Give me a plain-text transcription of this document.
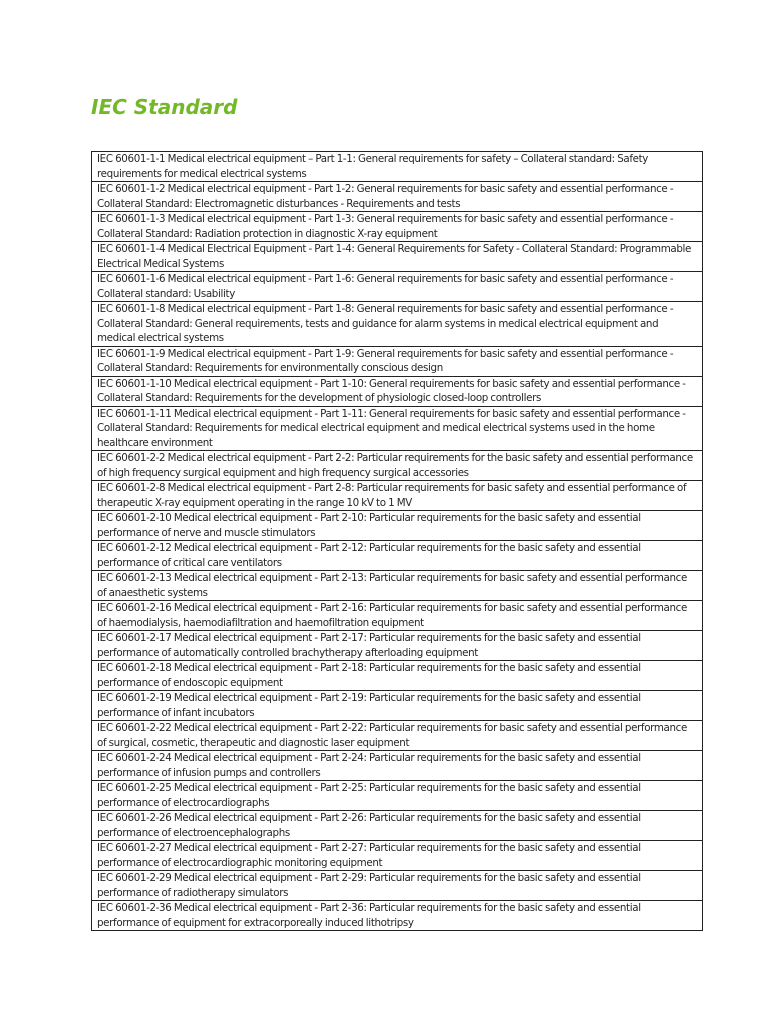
IEC Standard
IEC 60601-1-1 Medical electrical equipment – Part 1-1: General requirements for safety – Collateral standard: Safety requirements for medical electrical systems
IEC 60601-1-2 Medical electrical equipment - Part 1-2: General requirements for basic safety and essential performance - Collateral Standard: Electromagnetic disturbances - Requirements and tests
IEC 60601-1-3 Medical electrical equipment - Part 1-3: General requirements for basic safety and essential performance - Collateral Standard: Radiation protection in diagnostic X-ray equipment
IEC 60601-1-4 Medical Electrical Equipment - Part 1-4: General Requirements for Safety - Collateral Standard: Programmable Electrical Medical Systems
IEC 60601-1-6 Medical electrical equipment - Part 1-6: General requirements for basic safety and essential performance - Collateral standard: Usability
IEC 60601-1-8 Medical electrical equipment - Part 1-8: General requirements for basic safety and essential performance - Collateral Standard: General requirements, tests and guidance for alarm systems in medical electrical equipment and medical electrical systems
IEC 60601-1-9 Medical electrical equipment - Part 1-9: General requirements for basic safety and essential performance - Collateral Standard: Requirements for environmentally conscious design
IEC 60601-1-10 Medical electrical equipment - Part 1-10: General requirements for basic safety and essential performance - Collateral Standard: Requirements for the development of physiologic closed-loop controllers
IEC 60601-1-11 Medical electrical equipment - Part 1-11: General requirements for basic safety and essential performance - Collateral Standard: Requirements for medical electrical equipment and medical electrical systems used in the home healthcare environment
IEC 60601-2-2 Medical electrical equipment - Part 2-2: Particular requirements for the basic safety and essential performance of high frequency surgical equipment and high frequency surgical accessories
IEC 60601-2-8 Medical electrical equipment - Part 2-8: Particular requirements for basic safety and essential performance of therapeutic X-ray equipment operating in the range 10 kV to 1 MV
IEC 60601-2-10 Medical electrical equipment - Part 2-10: Particular requirements for the basic safety and essential performance of nerve and muscle stimulators
IEC 60601-2-12 Medical electrical equipment - Part 2-12: Particular requirements for the basic safety and essential performance of critical care ventilators
IEC 60601-2-13 Medical electrical equipment - Part 2-13: Particular requirements for basic safety and essential performance of anaesthetic systems
IEC 60601-2-16 Medical electrical equipment - Part 2-16: Particular requirements for basic safety and essential performance of haemodialysis, haemodiafiltration and haemofiltration equipment
IEC 60601-2-17 Medical electrical equipment - Part 2-17: Particular requirements for the basic safety and essential performance of automatically controlled brachytherapy afterloading equipment
IEC 60601-2-18 Medical electrical equipment - Part 2-18: Particular requirements for the basic safety and essential performance of endoscopic equipment
IEC 60601-2-19 Medical electrical equipment - Part 2-19: Particular requirements for the basic safety and essential performance of infant incubators
IEC 60601-2-22 Medical electrical equipment - Part 2-22: Particular requirements for basic safety and essential performance of surgical, cosmetic, therapeutic and diagnostic laser equipment
IEC 60601-2-24 Medical electrical equipment - Part 2-24: Particular requirements for the basic safety and essential performance of infusion pumps and controllers
IEC 60601-2-25 Medical electrical equipment - Part 2-25: Particular requirements for the basic safety and essential performance of electrocardiographs
IEC 60601-2-26 Medical electrical equipment - Part 2-26: Particular requirements for the basic safety and essential performance of electroencephalographs
IEC 60601-2-27 Medical electrical equipment - Part 2-27: Particular requirements for the basic safety and essential performance of electrocardiographic monitoring equipment
IEC 60601-2-29 Medical electrical equipment - Part 2-29: Particular requirements for the basic safety and essential performance of radiotherapy simulators
IEC 60601-2-36 Medical electrical equipment - Part 2-36: Particular requirements for the basic safety and essential performance of equipment for extracorporeally induced lithotripsy
